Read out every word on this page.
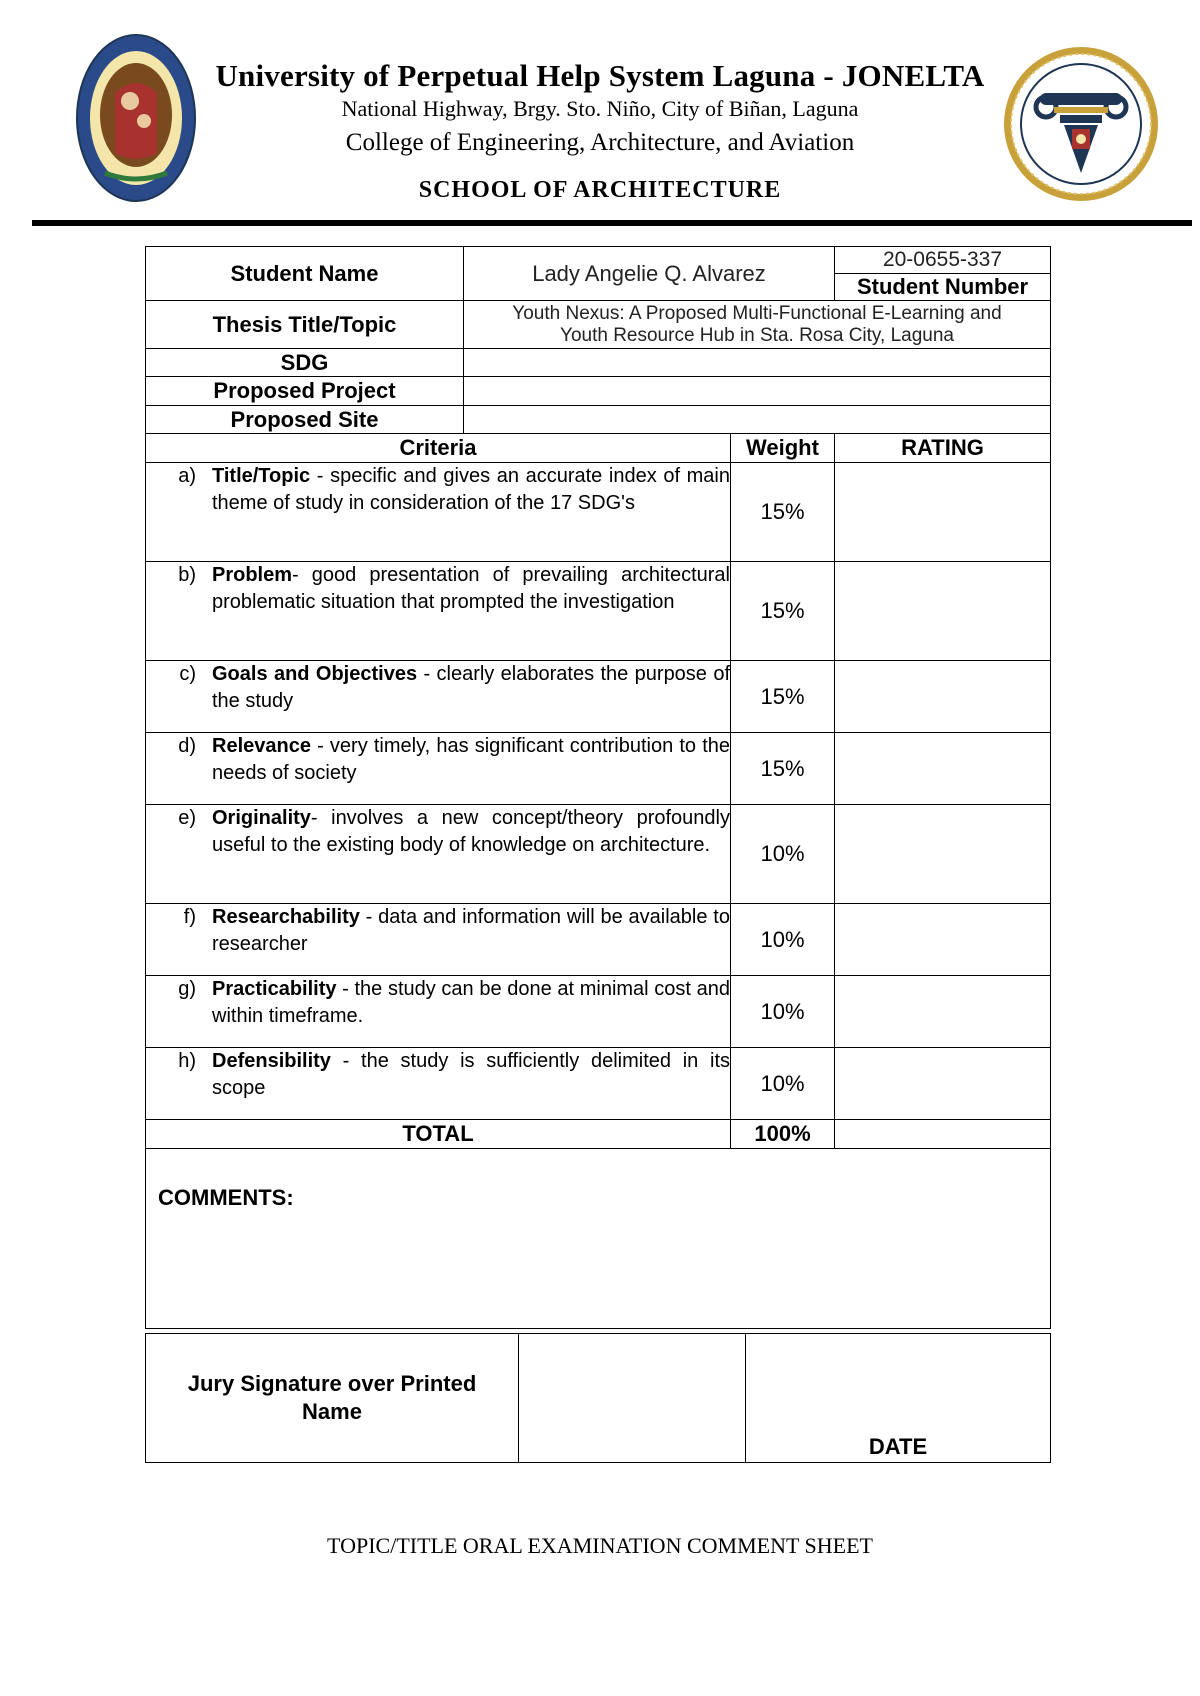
University of Perpetual Help System Laguna - JONELTA
National Highway, Brgy. Sto. Niño, City of Biñan, Laguna
College of Engineering, Architecture, and Aviation
SCHOOL OF ARCHITECTURE
Student Name	Lady Angelie Q. Alvarez		20-0655-337
			Student Number
Thesis Title/Topic	Youth Nexus: A Proposed Multi-Functional E-Learning and
Youth Resource Hub in Sta. Rosa City, Laguna		

SDG			
Proposed Project			
Proposed Site			
Criteria		Weight	RATING

a) Title/Topic - specific and gives an accurate index of main theme of study in consideration of the 17 SDG's		15%	

b) Problem- good presentation of prevailing architectural problematic situation that prompted the investigation		15%	

c) Goals and Objectives - clearly elaborates the purpose of the study		15%	

d) Relevance - very timely, has significant contribution to the needs of society		15%	

e) Originality- involves a new concept/theory profoundly useful to the existing body of knowledge on architecture.		10%	

f) Researchability - data and information will be available to researcher		10%	

g) Practicability - the study can be done at minimal cost and within timeframe.		10%	

h) Defensibility - the study is sufficiently delimited in its scope		10%	
TOTAL		100%	

COMMENTS:			
Jury Signature over Printed
Name
		DATE
TOPIC/TITLE ORAL EXAMINATION COMMENT SHEET
